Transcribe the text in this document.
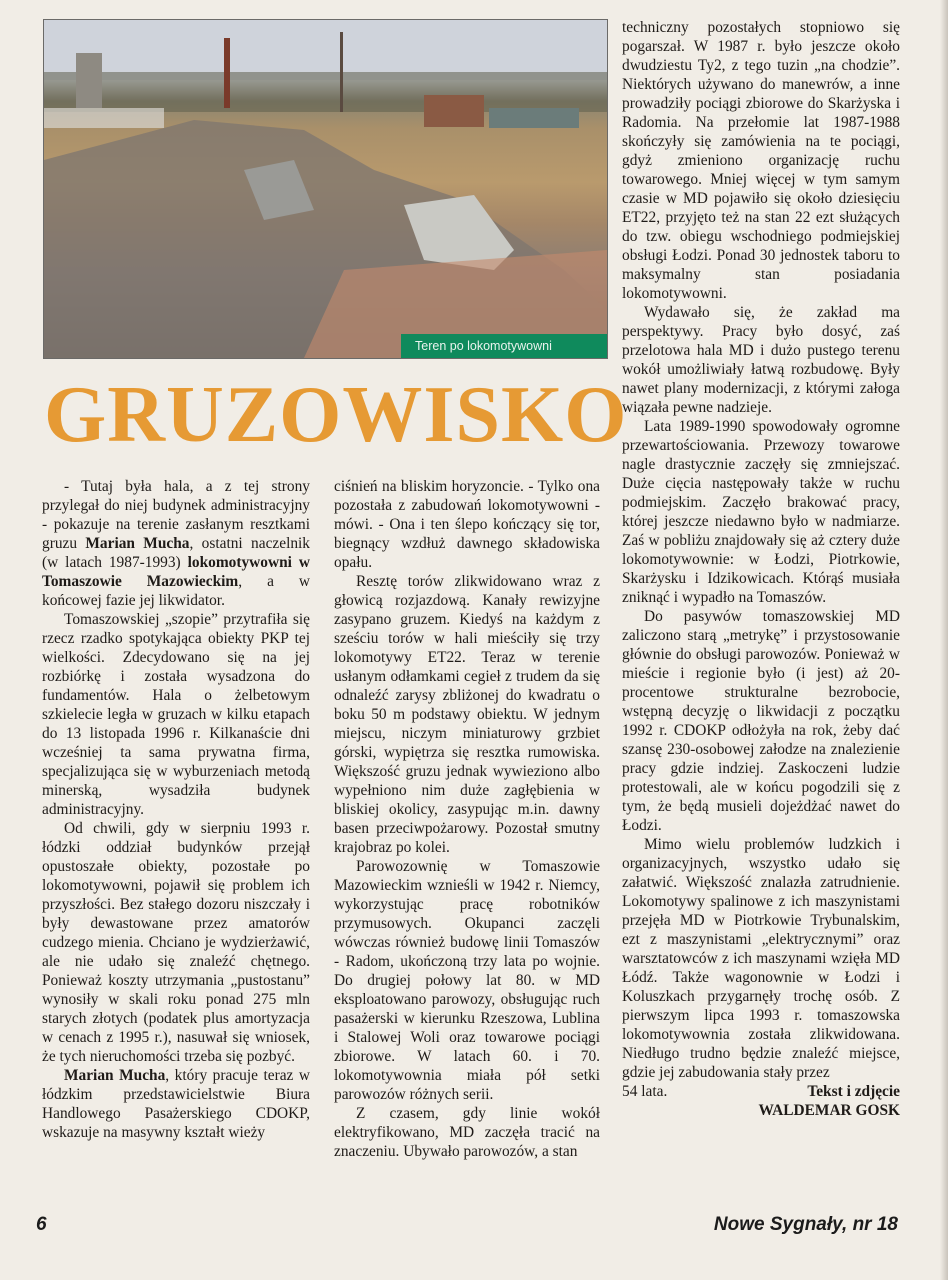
Teren po lokomotywowni
GRUZOWISKO

- Tutaj była hala, a z tej strony przylegał do niej budynek administracyjny - pokazuje na terenie zasłanym resztkami gruzu Marian Mucha, ostatni naczelnik (w latach 1987-1993) lokomotywowni w Tomaszowie Mazowieckim, a w końcowej fazie jej likwidator.

Tomaszowskiej „szopie” przytrafiła się rzecz rzadko spotykająca obiekty PKP tej wielkości. Zdecydowano się na jej rozbiórkę i została wysadzona do fundamentów. Hala o żelbetowym szkielecie legła w gruzach w kilku etapach do 13 listopada 1996 r. Kilkanaście dni wcześniej ta sama prywatna firma, specjalizująca się w wyburzeniach metodą minerską, wysadziła budynek administracyjny.

Od chwili, gdy w sierpniu 1993 r. łódzki oddział budynków przejął opustoszałe obiekty, pozostałe po lokomotywowni, pojawił się problem ich przyszłości. Bez stałego dozoru niszczały i były dewastowane przez amatorów cudzego mienia. Chciano je wydzierżawić, ale nie udało się znaleźć chętnego. Ponieważ koszty utrzymania „pustostanu” wynosiły w skali roku ponad 275 mln starych złotych (podatek plus amortyzacja w cenach z 1995 r.), nasuwał się wniosek, że tych nieruchomości trzeba się pozbyć.

Marian Mucha, który pracuje teraz w łódzkim przedstawicielstwie Biura Handlowego Pasażerskiego CDOKP, wskazuje na masywny kształt wieży

ciśnień na bliskim horyzoncie. - Tylko ona pozostała z zabudowań lokomotywowni - mówi. - Ona i ten ślepo kończący się tor, biegnący wzdłuż dawnego składowiska opału.

Resztę torów zlikwidowano wraz z głowicą rozjazdową. Kanały rewizyjne zasypano gruzem. Kiedyś na każdym z sześciu torów w hali mieściły się trzy lokomotywy ET22. Teraz w terenie usłanym odłamkami cegieł z trudem da się odnaleźć zarysy zbliżonej do kwadratu o boku 50 m podstawy obiektu. W jednym miejscu, niczym miniaturowy grzbiet górski, wypiętrza się resztka rumowiska. Większość gruzu jednak wywieziono albo wypełniono nim duże zagłębienia w bliskiej okolicy, zasypując m.in. dawny basen przeciwpożarowy. Pozostał smutny krajobraz po kolei.

Parowozownię w Tomaszowie Mazowieckim wznieśli w 1942 r. Niemcy, wykorzystując pracę robotników przymusowych. Okupanci zaczęli wówczas również budowę linii Tomaszów - Radom, ukończoną trzy lata po wojnie. Do drugiej połowy lat 80. w MD eksploatowano parowozy, obsługując ruch pasażerski w kierunku Rzeszowa, Lublina i Stalowej Woli oraz towarowe pociągi zbiorowe. W latach 60. i 70. lokomotywownia miała pół setki parowozów różnych serii.

Z czasem, gdy linie wokół elektryfikowano, MD zaczęła tracić na znaczeniu. Ubywało parowozów, a stan

techniczny pozostałych stopniowo się pogarszał. W 1987 r. było jeszcze około dwudziestu Ty2, z tego tuzin „na chodzie”. Niektórych używano do manewrów, a inne prowadziły pociągi zbiorowe do Skarżyska i Radomia. Na przełomie lat 1987-1988 skończyły się zamówienia na te pociągi, gdyż zmieniono organizację ruchu towarowego. Mniej więcej w tym samym czasie w MD pojawiło się około dziesięciu ET22, przyjęto też na stan 22 ezt służących do tzw. obiegu wschodniego podmiejskiej obsługi Łodzi. Ponad 30 jednostek taboru to maksymalny stan posiadania lokomotywowni.

Wydawało się, że zakład ma perspektywy. Pracy było dosyć, zaś przelotowa hala MD i dużo pustego terenu wokół umożliwiały łatwą rozbudowę. Były nawet plany modernizacji, z którymi załoga wiązała pewne nadzieje.

Lata 1989-1990 spowodowały ogromne przewartościowania. Przewozy towarowe nagle drastycznie zaczęły się zmniejszać. Duże cięcia następowały także w ruchu podmiejskim. Zaczęło brakować pracy, której jeszcze niedawno było w nadmiarze. Zaś w pobliżu znajdowały się aż cztery duże lokomotywownie: w Łodzi, Piotrkowie, Skarżysku i Idzikowicach. Którąś musiała zniknąć i wypadło na Tomaszów.

Do pasywów tomaszowskiej MD zaliczono starą „metrykę” i przystosowanie głównie do obsługi parowozów. Ponieważ w mieście i regionie było (i jest) aż 20-procentowe strukturalne bezrobocie, wstępną decyzję o likwidacji z początku 1992 r. CDOKP odłożyła na rok, żeby dać szansę 230-osobowej załodze na znalezienie pracy gdzie indziej. Zaskoczeni ludzie protestowali, ale w końcu pogodzili się z tym, że będą musieli dojeżdżać nawet do Łodzi.

Mimo wielu problemów ludzkich i organizacyjnych, wszystko udało się załatwić. Większość znalazła zatrudnienie. Lokomotywy spalinowe z ich maszynistami przejęła MD w Piotrkowie Trybunalskim, ezt z maszynistami „elektrycznymi” oraz warsztatowców z ich maszynami wzięła MD Łódź. Także wagonownie w Łodzi i Koluszkach przygarnęły trochę osób. Z pierwszym lipca 1993 r. tomaszowska lokomotywownia została zlikwidowana. Niedługo trudno będzie znaleźć miejsce, gdzie jej zabudowania stały przez

54 lata.	Tekst i zdjęcie
WALDEMAR GOSK
6	Nowe Sygnały, nr 18
